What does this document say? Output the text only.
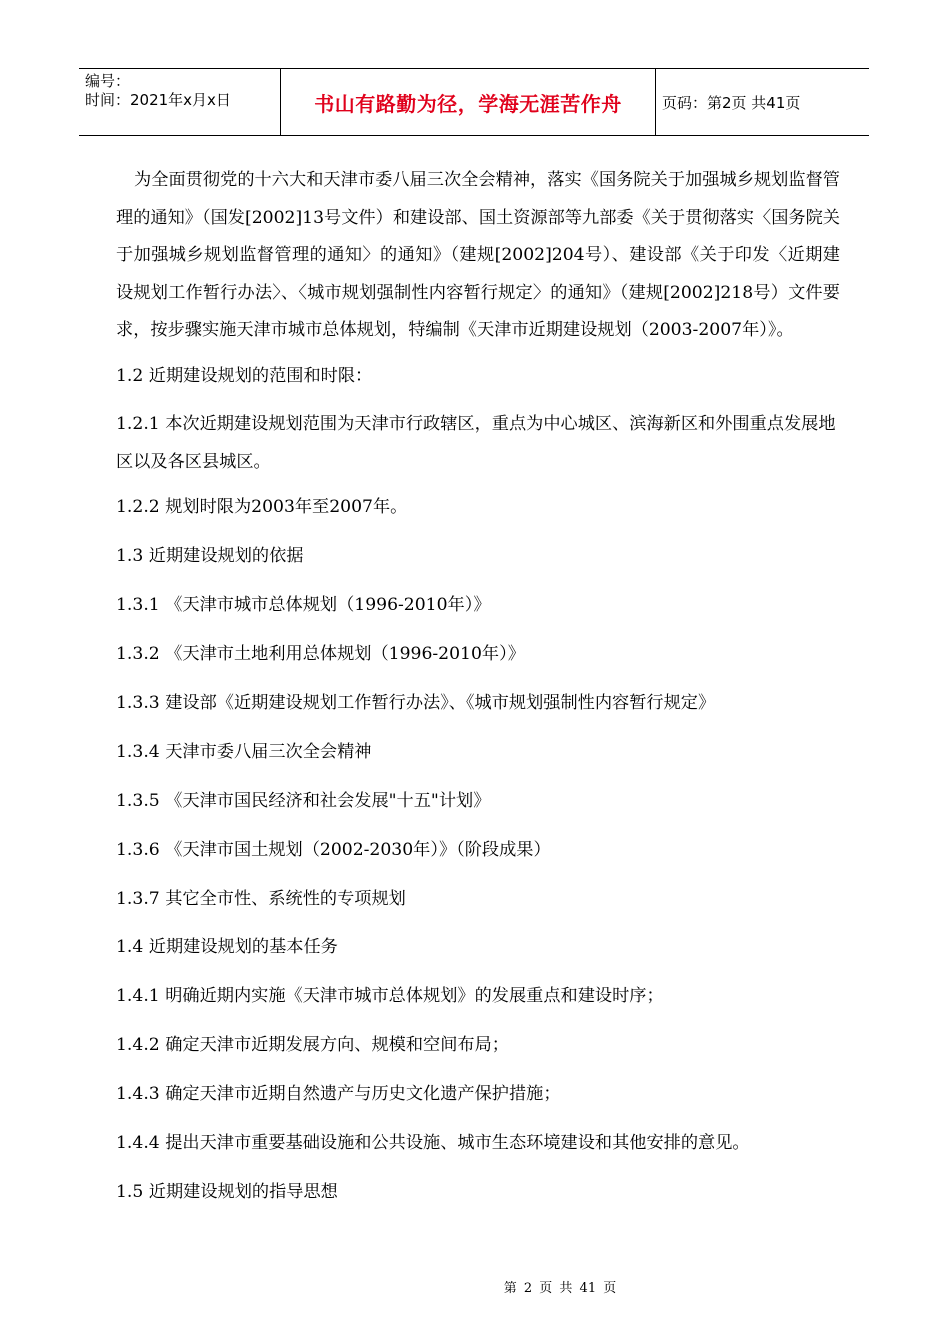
编号：
时间：2021年x月x日	书山有路勤为径，学海无涯苦作舟	页码：第2页 共41页

为全面贯彻党的十六大和天津市委八届三次全会精神，落实《国务院关于加强城乡规划监督管理的通知》（国发[2002]13号文件）和建设部、国土资源部等九部委《关于贯彻落实〈国务院关于加强城乡规划监督管理的通知〉的通知》（建规[2002]204号）、建设部《关于印发〈近期建设规划工作暂行办法〉、〈城市规划强制性内容暂行规定〉的通知》（建规[2002]218号）文件要求，按步骤实施天津市城市总体规划，特编制《天津市近期建设规划（2003-2007年）》。

1.2 近期建设规划的范围和时限：

1.2.1 本次近期建设规划范围为天津市行政辖区，重点为中心城区、滨海新区和外围重点发展地区以及各区县城区。

1.2.2 规划时限为2003年至2007年。

1.3 近期建设规划的依据

1.3.1 《天津市城市总体规划（1996-2010年）》

1.3.2 《天津市土地利用总体规划（1996-2010年）》

1.3.3 建设部《近期建设规划工作暂行办法》、《城市规划强制性内容暂行规定》

1.3.4 天津市委八届三次全会精神

1.3.5 《天津市国民经济和社会发展"十五"计划》

1.3.6 《天津市国土规划（2002-2030年）》（阶段成果）

1.3.7 其它全市性、系统性的专项规划

1.4 近期建设规划的基本任务

1.4.1 明确近期内实施《天津市城市总体规划》的发展重点和建设时序；

1.4.2 确定天津市近期发展方向、规模和空间布局；

1.4.3 确定天津市近期自然遗产与历史文化遗产保护措施；

1.4.4 提出天津市重要基础设施和公共设施、城市生态环境建设和其他安排的意见。

1.5 近期建设规划的指导思想

第 2 页 共 41 页
